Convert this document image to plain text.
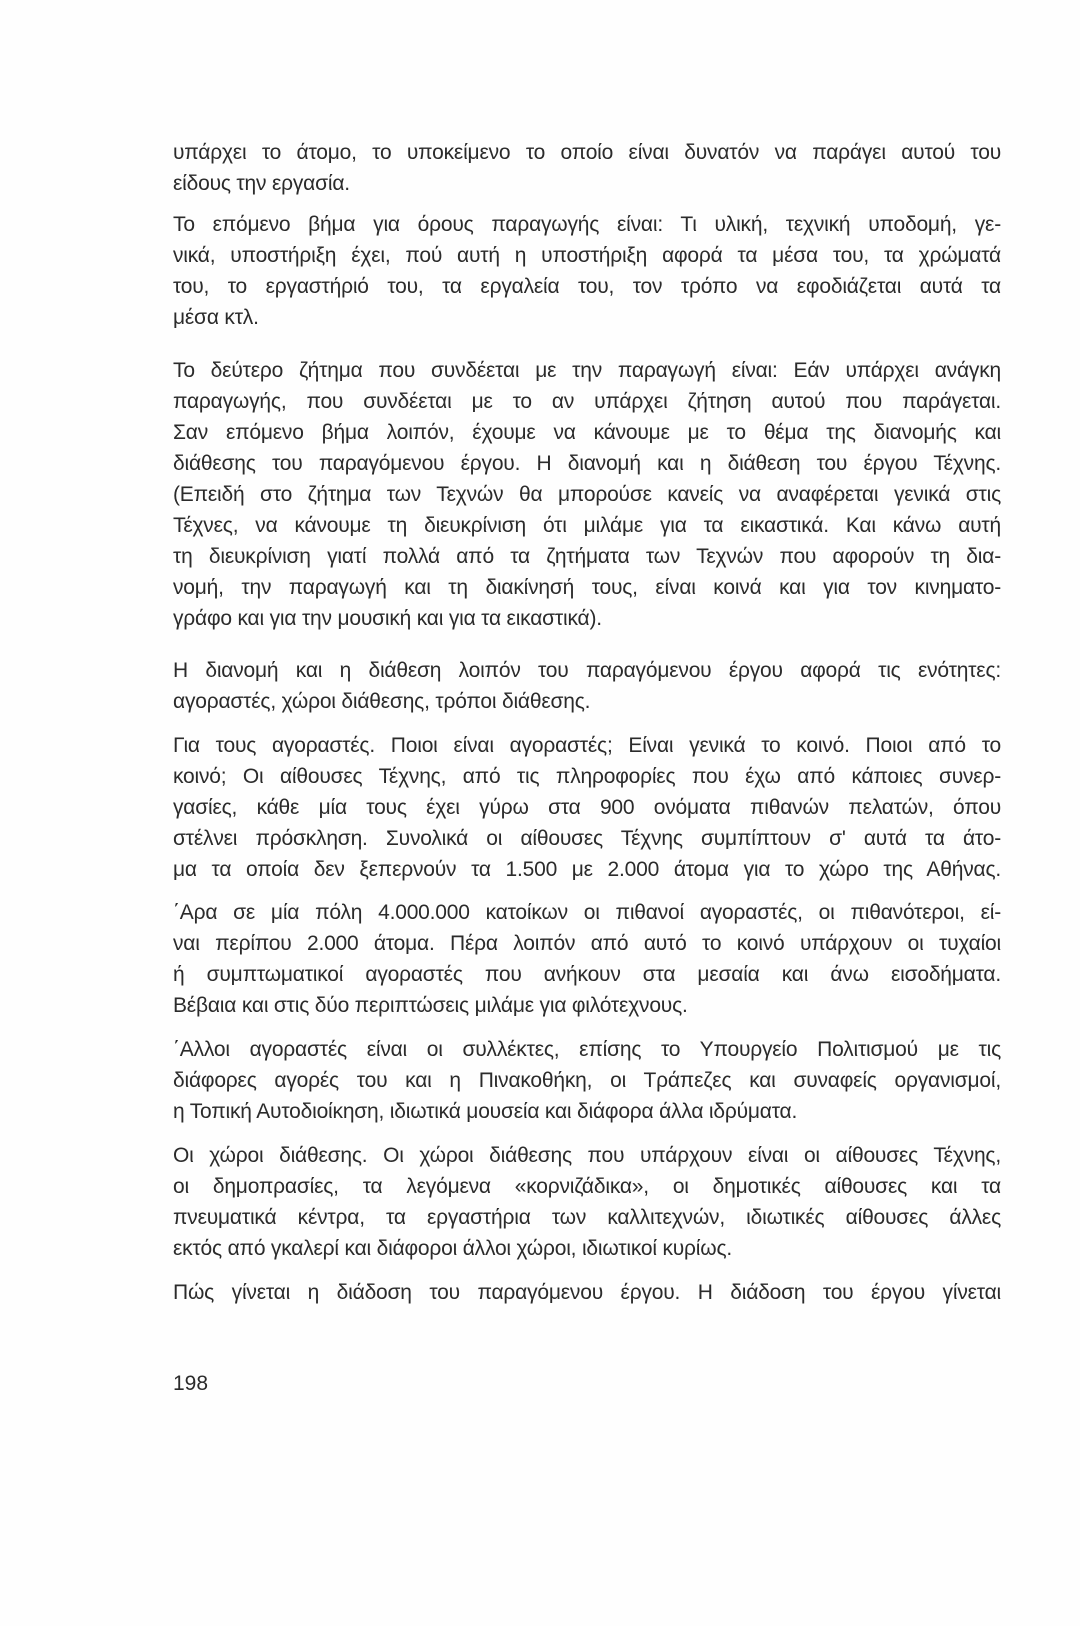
υπάρχει το άτομο, το υποκείμενο το οποίο είναι δυνατόν να παράγει αυτού του
είδους την εργασία.
Το επόμενο βήμα για όρους παραγωγής είναι: Τι υλική, τεχνική υποδομή, γε-
νικά, υποστήριξη έχει, πού αυτή η υποστήριξη αφορά τα μέσα του, τα χρώματά
του, το εργαστήριό του, τα εργαλεία του, τον τρόπο να εφοδιάζεται αυτά τα
μέσα κτλ.
Το δεύτερο ζήτημα που συνδέεται με την παραγωγή είναι: Εάν υπάρχει ανάγκη
παραγωγής, που συνδέεται με το αν υπάρχει ζήτηση αυτού που παράγεται.
Σαν επόμενο βήμα λοιπόν, έχουμε να κάνουμε με το θέμα της διανομής και
διάθεσης του παραγόμενου έργου. Η διανομή και η διάθεση του έργου Τέχνης.
(Επειδή στο ζήτημα των Τεχνών θα μπορούσε κανείς να αναφέρεται γενικά στις
Τέχνες, να κάνουμε τη διευκρίνιση ότι μιλάμε για τα εικαστικά. Και κάνω αυτή
τη διευκρίνιση γιατί πολλά από τα ζητήματα των Τεχνών που αφορούν τη δια-
νομή, την παραγωγή και τη διακίνησή τους, είναι κοινά και για τον κινηματο-
γράφο και για την μουσική και για τα εικαστικά).
Η διανομή και η διάθεση λοιπόν του παραγόμενου έργου αφορά τις ενότητες:
αγοραστές, χώροι διάθεσης, τρόποι διάθεσης.
Για τους αγοραστές. Ποιοι είναι αγοραστές; Είναι γενικά το κοινό. Ποιοι από το
κοινό; Οι αίθουσες Τέχνης, από τις πληροφορίες που έχω από κάποιες συνερ-
γασίες, κάθε μία τους έχει γύρω στα 900 ονόματα πιθανών πελατών, όπου
στέλνει πρόσκληση. Συνολικά οι αίθουσες Τέχνης συμπίπτουν σ' αυτά τα άτο-
μα τα οποία δεν ξεπερνούν τα 1.500 με 2.000 άτομα για το χώρο της Αθήνας.
΄Αρα σε μία πόλη 4.000.000 κατοίκων οι πιθανοί αγοραστές, οι πιθανότεροι, εί-
ναι περίπου 2.000 άτομα. Πέρα λοιπόν από αυτό το κοινό υπάρχουν οι τυχαίοι
ή συμπτωματικοί αγοραστές που ανήκουν στα μεσαία και άνω εισοδήματα.
Βέβαια και στις δύο περιπτώσεις μιλάμε για φιλότεχνους.
΄Αλλοι αγοραστές είναι οι συλλέκτες, επίσης το Υπουργείο Πολιτισμού με τις
διάφορες αγορές του και η Πινακοθήκη, οι Τράπεζες και συναφείς οργανισμοί,
η Τοπική Αυτοδιοίκηση, ιδιωτικά μουσεία και διάφορα άλλα ιδρύματα.
Οι χώροι διάθεσης. Οι χώροι διάθεσης που υπάρχουν είναι οι αίθουσες Τέχνης,
οι δημοπρασίες, τα λεγόμενα «κορνιζάδικα», οι δημοτικές αίθουσες και τα
πνευματικά κέντρα, τα εργαστήρια των καλλιτεχνών, ιδιωτικές αίθουσες άλλες
εκτός από γκαλερί και διάφοροι άλλοι χώροι, ιδιωτικοί κυρίως.
Πώς γίνεται η διάδοση του παραγόμενου έργου. Η διάδοση του έργου γίνεται
198
